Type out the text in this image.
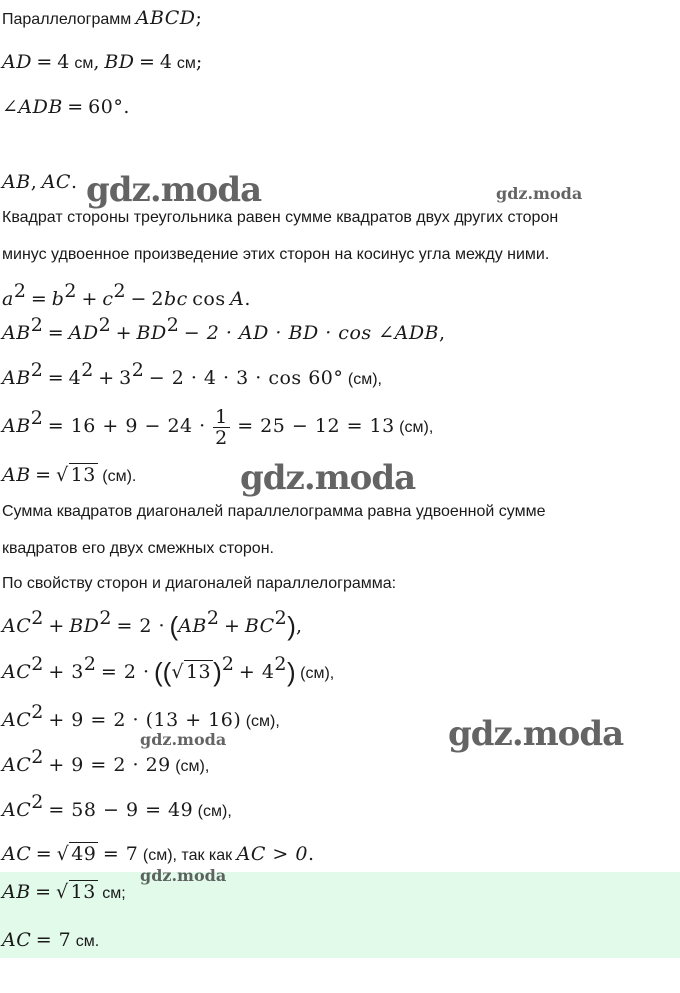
Параллелограмм ABCD;
AD = 4 см, BD = 4 см;
∠ADB = 60°.
AB, AC.
Квадрат стороны треугольника равен сумме квадратов двух других сторон
минус удвоенное произведение этих сторон на косинус угла между ними.
$a^2 = b^2 + c^2 - 2bc$ cos A.
$AB^2 = AD^2 + BD^2 - 2$ · AD · BD · cos ∠ADB,
$AB^2 = 4^2 + 3^2 - 2 \cdot 4 \cdot 3 \cdot \cos 60^\circ$ (см),
$AB^2 = 16 + 9 - 24 \cdot \frac{1}{2} = 25 - 12 = 13$ (см),
AB = √ 13 (см).
Сумма квадратов диагоналей параллелограмма равна удвоенной сумме
квадратов его двух смежных сторон.
По свойству сторон и диагоналей параллелограмма:
$AC^2 + BD^2 = 2 \cdot (AB^2 + BC^2)$,
$AC^2 + 3^2 = 2$ · ((√ $13)^2 + 4^2$) (см),
$AC^2 + 9 = 2 \cdot (13 + 16)$ (см),
$AC^2 + 9 = 2 \cdot 29$ (см),
$AC^2 = 58 - 9 = 49$ (см),
AC = √ 49 = 7 (см), так как AC > 0.
AB = √ 13 см;
AC = 7 см.
gdz.moda	gdz.moda
gdz.moda
gdz.moda
gdz.moda
gdz.moda
